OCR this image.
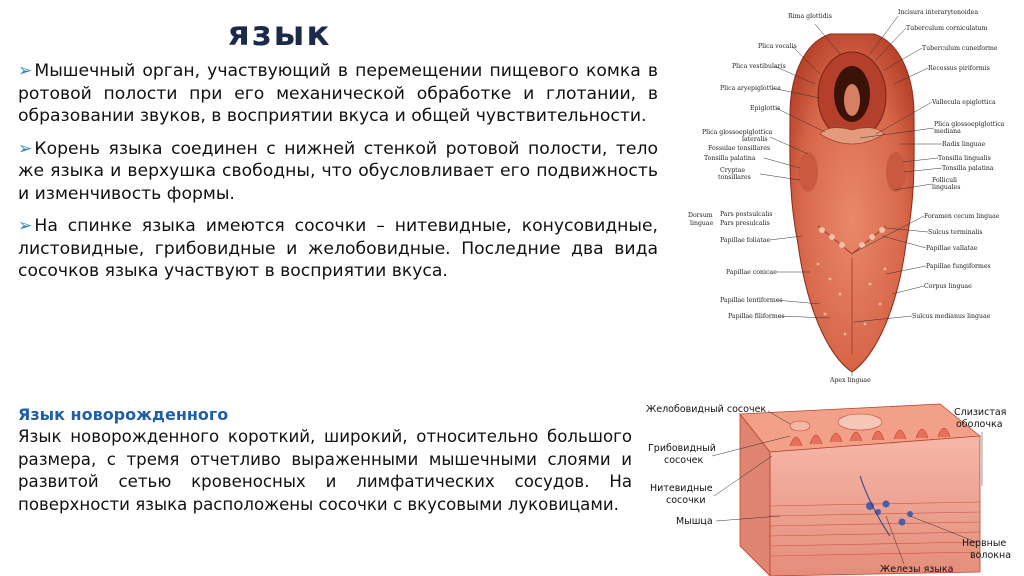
язык

➢ Мышечный орган, участвующий в перемещении пищевого комка в ротовой полости при его механической обработке и глотании, в образовании звуков, в восприятии вкуса и общей чувствительности.

➢ Корень языка соединен с нижней стенкой ротовой полости, тело же языка и верхушка свободны, что обусловливает его подвижность и изменчивость формы.

➢ На спинке языка имеются сосочки – нитевидные, конусовидные, листовидные, грибовидные и желобовидные. Последние два вида сосочков языка участвуют в восприятии вкуса.

Язык новорожденного
Язык новорожденного короткий, широкий, относительно большого размера, с тремя отчетливо выраженными мышечными слоями и развитой сетью кровеносных и лимфатических сосудов. На поверхности языка расположены сосочки с вкусовыми луковицами.
Rima glottidis
Plica vocalis
Plica vestibularis
Plica aryepiglottica
Epiglottis
Plica glossoepiglottica
lateralis
Fossulae tonsillares
Tonsilla palatina
Cryptae
tonsillares
Dorsum
linguae
Pars postsulcalis
Pars presulcalis
Papillae foliatae
Papillae conicae
Papillae lentiformes
Papillae filiformes
Incisura interarytenoidea
Tuberculum corniculatum
Tuberculum cuneiforme
Recessus piriformis
Vallecula epiglottica
Plica glossoepiglottica
mediana
Radix linguae
Tonsilla lingualis
Tonsilla palatina
Folliculi
linguales
Foramen cecum linguae
Sulcus terminalis
Papillae vallatae
Papillae fungiformes
Corpus linguae
Sulcus medianus linguae
Apex linguae
Желобовидный сосочек
Грибовидный
сосочек
Нитевидные
сосочки
Мышца
Слизистая
оболочка
Нервные
волокна
Железы языка
